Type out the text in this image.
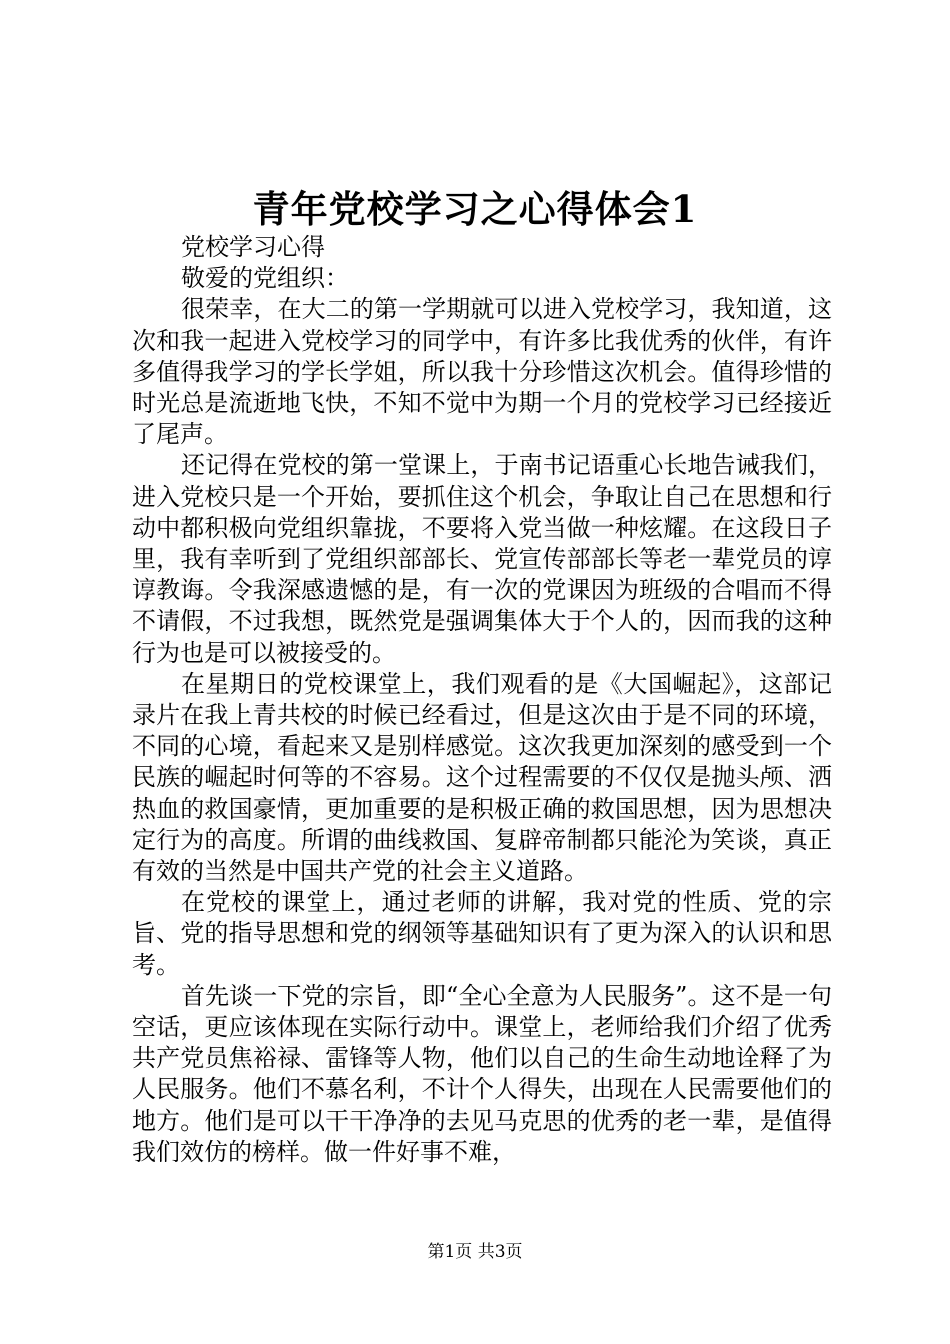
青年党校学习之心得体会1

党校学习心得

敬爱的党组织：

很荣幸，在大二的第一学期就可以进入党校学习，我知道，这次和我一起进入党校学习的同学中，有许多比我优秀的伙伴，有许多值得我学习的学长学姐，所以我十分珍惜这次机会。值得珍惜的时光总是流逝地飞快，不知不觉中为期一个月的党校学习已经接近了尾声。

还记得在党校的第一堂课上，于南书记语重心长地告诫我们，进入党校只是一个开始，要抓住这个机会，争取让自己在思想和行动中都积极向党组织靠拢，不要将入党当做一种炫耀。在这段日子里，我有幸听到了党组织部部长、党宣传部部长等老一辈党员的谆谆教诲。令我深感遗憾的是，有一次的党课因为班级的合唱而不得不请假，不过我想，既然党是强调集体大于个人的，因而我的这种行为也是可以被接受的。

在星期日的党校课堂上，我们观看的是《大国崛起》，这部记录片在我上青共校的时候已经看过，但是这次由于是不同的环境，不同的心境，看起来又是别样感觉。这次我更加深刻的感受到一个民族的崛起时何等的不容易。这个过程需要的不仅仅是抛头颅、洒热血的救国豪情，更加重要的是积极正确的救国思想，因为思想决定行为的高度。所谓的曲线救国、复辟帝制都只能沦为笑谈，真正有效的当然是中国共产党的社会主义道路。

在党校的课堂上，通过老师的讲解，我对党的性质、党的宗旨、党的指导思想和党的纲领等基础知识有了更为深入的认识和思考。

首先谈一下党的宗旨，即“全心全意为人民服务”。这不是一句空话，更应该体现在实际行动中。课堂上，老师给我们介绍了优秀共产党员焦裕禄、雷锋等人物，他们以自己的生命生动地诠释了为人民服务。他们不慕名利，不计个人得失，出现在人民需要他们的地方。他们是可以干干净净的去见马克思的优秀的老一辈，是值得我们效仿的榜样。做一件好事不难，

第1页 共3页
